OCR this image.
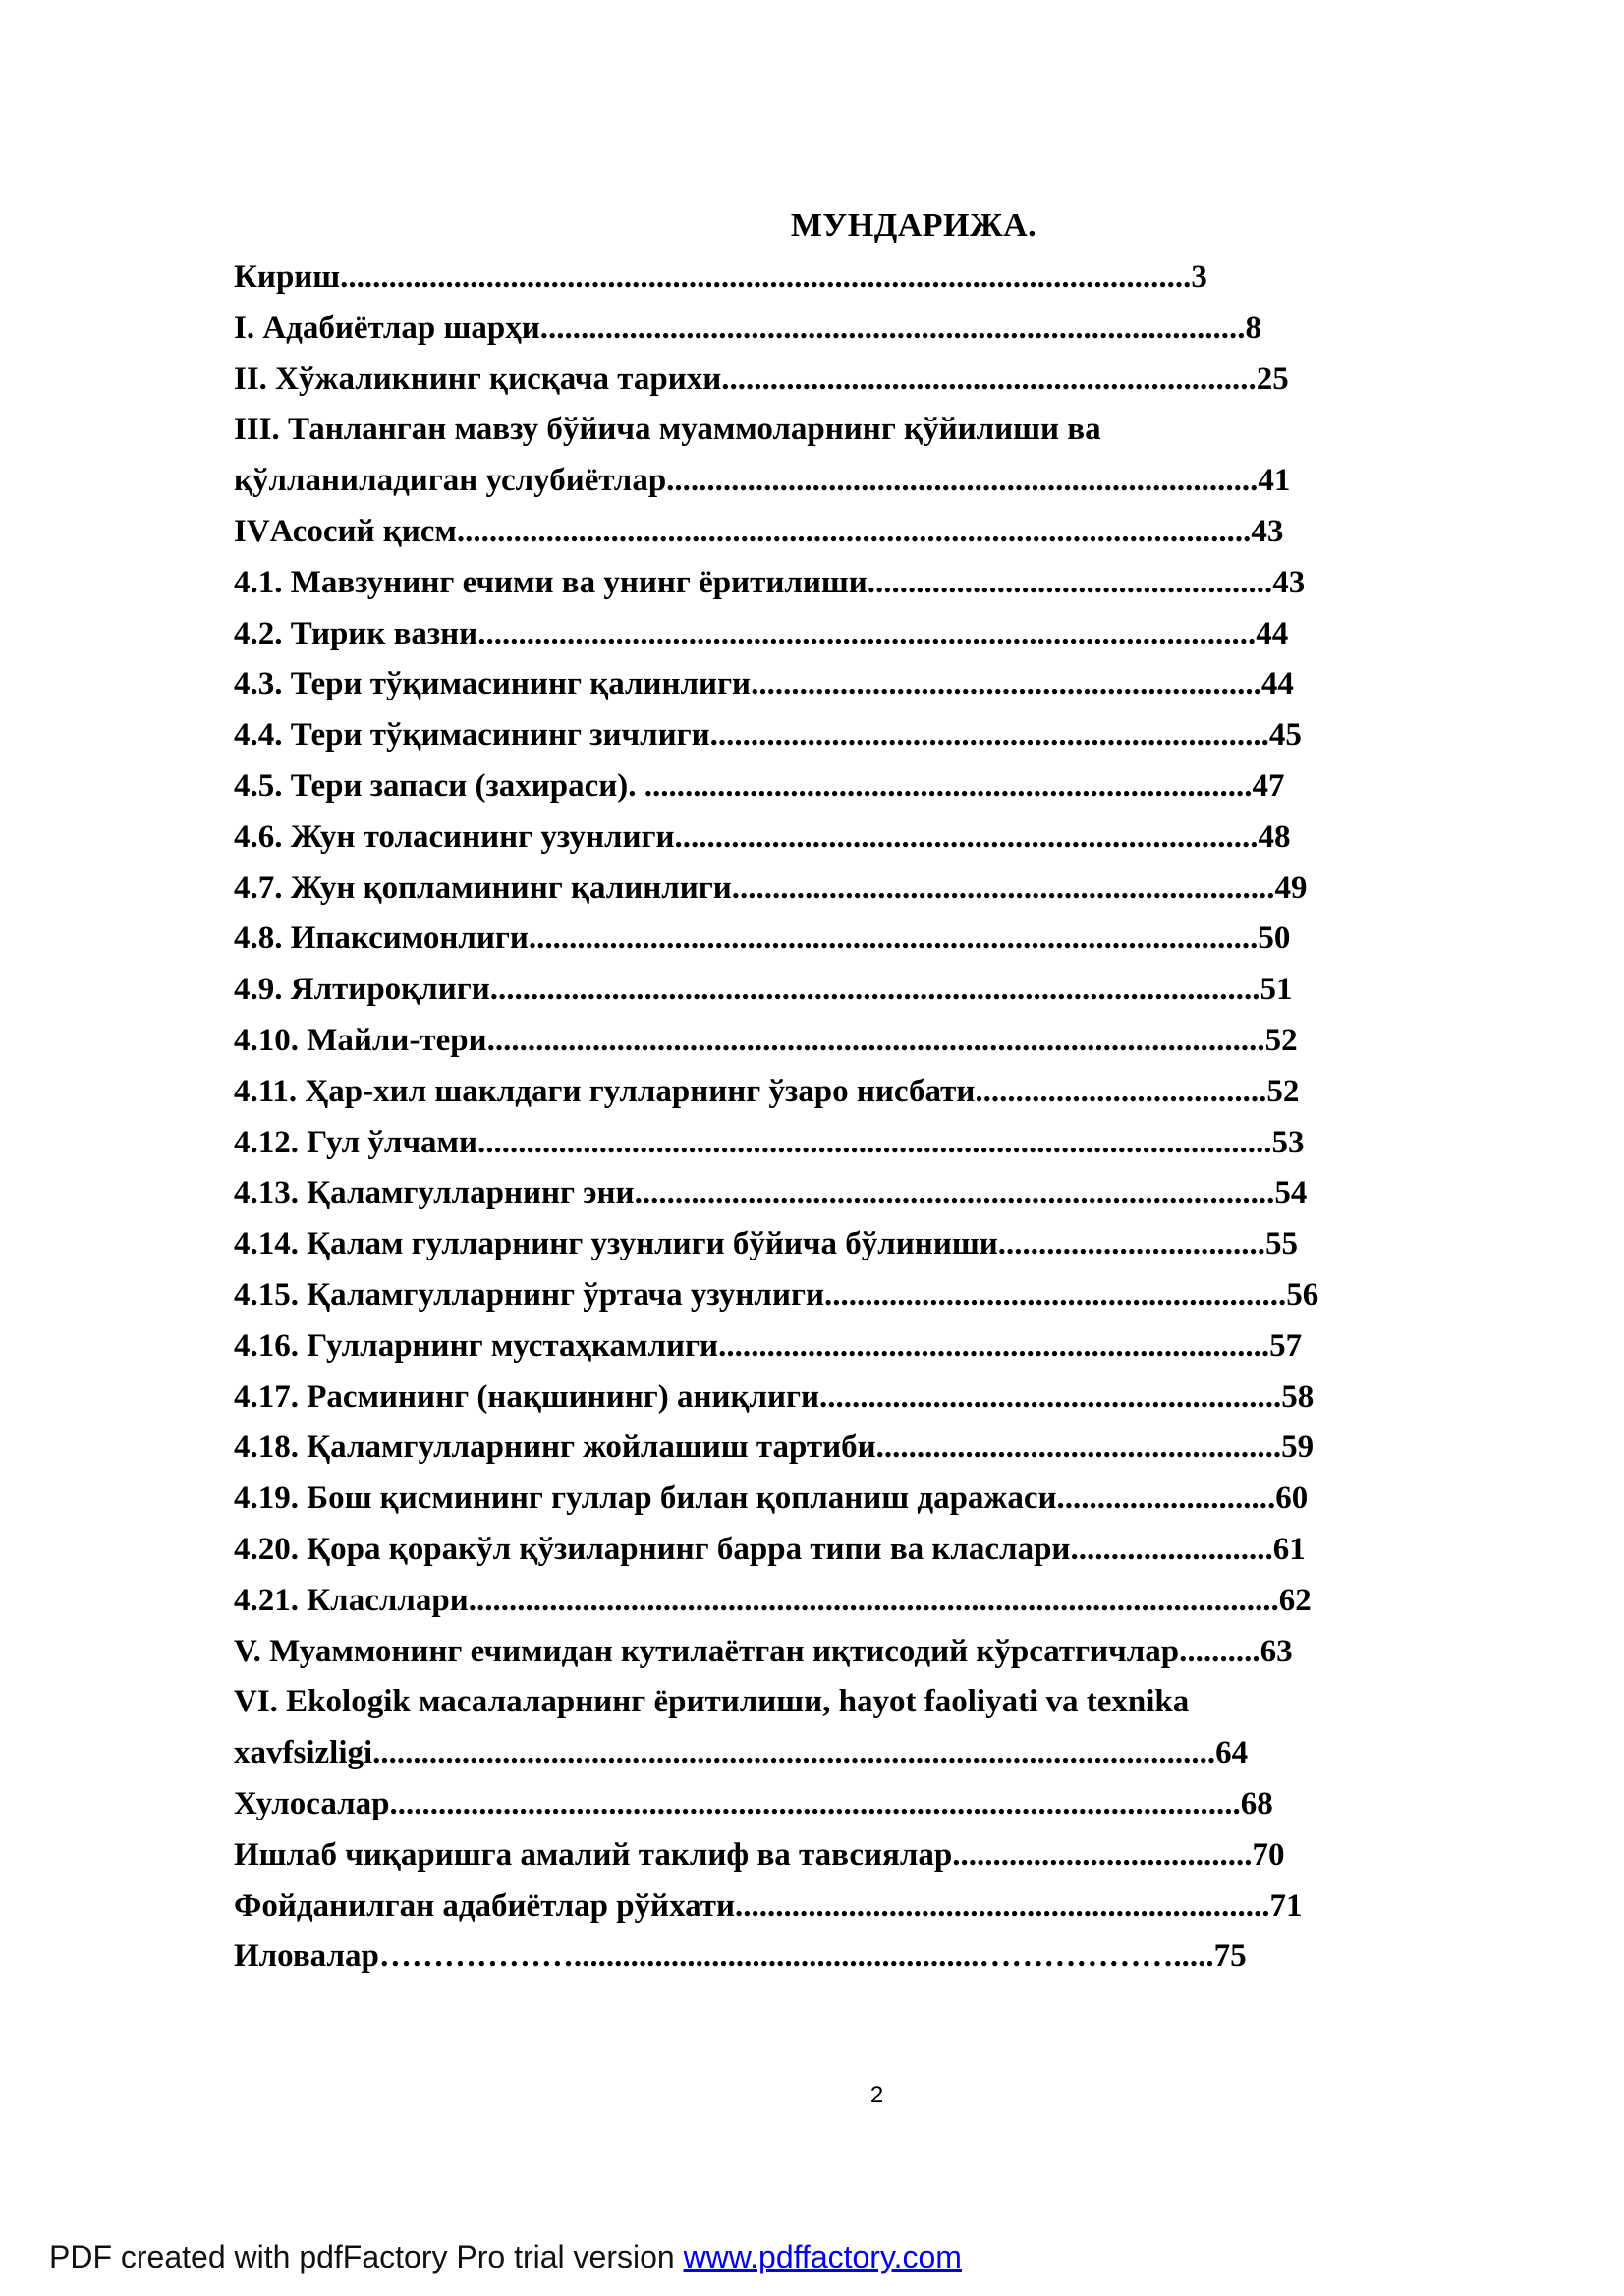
МУНДАРИЖА.
Кириш.........................................................................................................3
I. Адабиётлар шарҳи.......................................................................................8
II. Хўжаликнинг қисқача тарихи..................................................................25
III. Танланган мавзу бўйича муаммоларнинг қўйилиши ва
қўлланиладиган услубиётлар.........................................................................41
IVАсосий қисм..................................................................................................43
4.1. Мавзунинг ечими ва унинг ёритилиши..................................................43
4.2. Тирик вазни................................................................................................44
4.3. Тери тўқимасининг қалинлиги...............................................................44
4.4. Тери тўқимасининг зичлиги.....................................................................45
4.5. Тери запаси (захираси). ...........................................................................47
4.6. Жун толасининг узунлиги........................................................................48
4.7. Жун қопламининг қалинлиги...................................................................49
4.8. Ипаксимонлиги..........................................................................................50
4.9. Ялтироқлиги...............................................................................................51
4.10. Майли-тери................................................................................................52
4.11. Ҳар-хил шаклдаги гулларнинг ўзаро нисбати....................................52
4.12. Гул ўлчами..................................................................................................53
4.13. Қаламгулларнинг эни...............................................................................54
4.14. Қалам гулларнинг узунлиги бўйича бўлиниши.................................55
4.15. Қаламгулларнинг ўртача узунлиги.........................................................56
4.16. Гулларнинг мустаҳкамлиги....................................................................57
4.17. Расмининг (нақшининг) аниқлиги.........................................................58
4.18. Қаламгулларнинг жойлашиш тартиби..................................................59
4.19. Бош қисмининг гуллар билан қопланиш даражаси...........................60
4.20. Қора қоракўл қўзиларнинг барра типи ва класлари.........................61
4.21. Класллари....................................................................................................62
V. Муаммонинг ечимидан кутилаётган иқтисодий кўрсатгичлар..........63
VI. Ekologik масалаларнинг ёритилиши, hayot faoliyati va texnika
xavfsizligi........................................................................................................64
Хулосалар.........................................................................................................68
Ишлаб чиқаришга амалий таклиф ва тавсиялар.....................................70
Фойданилган адабиётлар рўйхати..................................................................71
Иловалар………………..................................................……………….....75
2
PDF created with pdfFactory Pro trial version www.pdffactory.com
